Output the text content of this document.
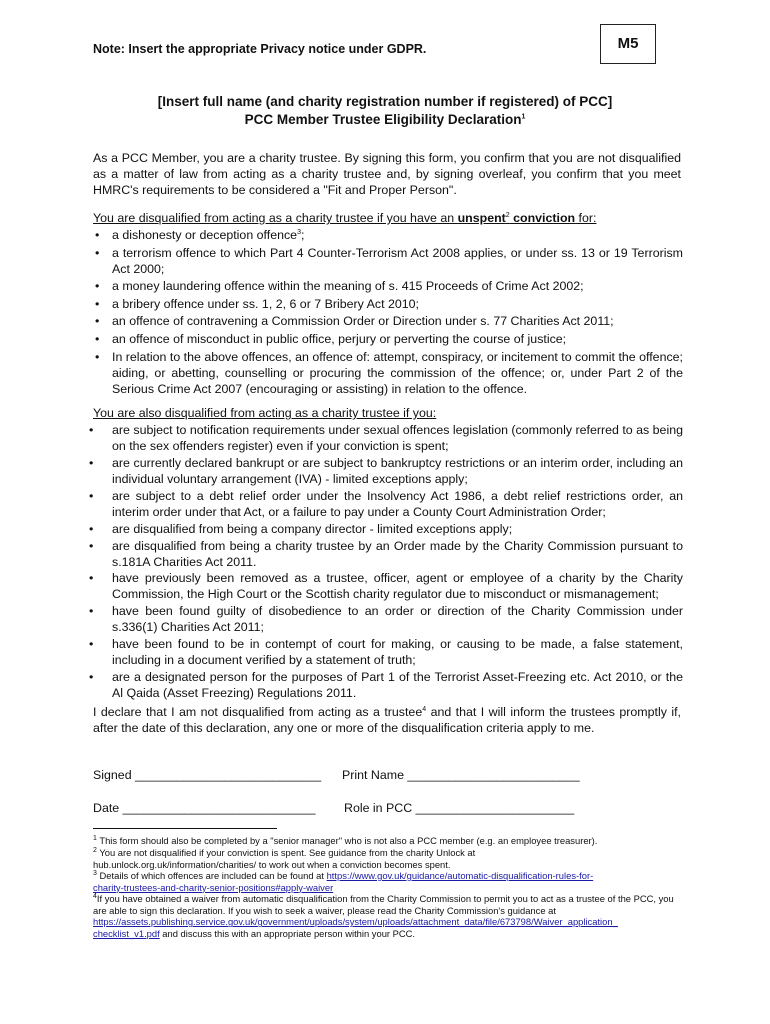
M5
Note: Insert the appropriate Privacy notice under GDPR.
[Insert full name (and charity registration number if registered) of PCC]
PCC Member Trustee Eligibility Declaration$^1$
As a PCC Member, you are a charity trustee. By signing this form, you confirm that you are not disqualified as a matter of law from acting as a charity trustee and, by signing overleaf, you confirm that you meet HMRC's requirements to be considered a "Fit and Proper Person".
You are disqualified from acting as a charity trustee if you have an unspent$^2$ conviction for:
• a dishonesty or deception offence$^3$;
• a terrorism offence to which Part 4 Counter-Terrorism Act 2008 applies, or under ss. 13 or 19 Terrorism Act 2000;
• a money laundering offence within the meaning of s. 415 Proceeds of Crime Act 2002;
• a bribery offence under ss. 1, 2, 6 or 7 Bribery Act 2010;
• an offence of contravening a Commission Order or Direction under s. 77 Charities Act 2011;
• an offence of misconduct in public office, perjury or perverting the course of justice;
• In relation to the above offences, an offence of: attempt, conspiracy, or incitement to commit the offence; aiding, or abetting, counselling or procuring the commission of the offence; or, under Part 2 of the Serious Crime Act 2007 (encouraging or assisting) in relation to the offence.
You are also disqualified from acting as a charity trustee if you:
• are subject to notification requirements under sexual offences legislation (commonly referred to as being on the sex offenders register) even if your conviction is spent;
• are currently declared bankrupt or are subject to bankruptcy restrictions or an interim order, including an individual voluntary arrangement (IVA) - limited exceptions apply;
• are subject to a debt relief order under the Insolvency Act 1986, a debt relief restrictions order, an interim order under that Act, or a failure to pay under a County Court Administration Order;
• are disqualified from being a company director - limited exceptions apply;
• are disqualified from being a charity trustee by an Order made by the Charity Commission pursuant to s.181A Charities Act 2011.
• have previously been removed as a trustee, officer, agent or employee of a charity by the Charity Commission, the High Court or the Scottish charity regulator due to misconduct or mismanagement;
• have been found guilty of disobedience to an order or direction of the Charity Commission under s.336(1) Charities Act 2011;
• have been found to be in contempt of court for making, or causing to be made, a false statement, including in a document verified by a statement of truth;
• are a designated person for the purposes of Part 1 of the Terrorist Asset-Freezing etc. Act 2010, or the Al Qaida (Asset Freezing) Regulations 2011.
I declare that I am not disqualified from acting as a trustee$^4$ and that I will inform the trustees promptly if, after the date of this declaration, any one or more of the disqualification criteria apply to me.
Signed ___________________________ Print Name _________________________
Date ____________________________ Role in PCC _______________________
$^1$ This form should also be completed by a "senior manager" who is not also a PCC member (e.g. an employee treasurer).
$^2$ You are not disqualified if your conviction is spent. See guidance from the charity Unlock at
hub.unlock.org.uk/information/charities/ to work out when a conviction becomes spent.
$^3$ Details of which offences are included can be found at https://www.gov.uk/guidance/automatic-disqualification-rules-for-
charity-trustees-and-charity-senior-positions#apply-waiver
$^4$If you have obtained a waiver from automatic disqualification from the Charity Commission to permit you to act as a trustee of the PCC, you are able to sign this declaration. If you wish to seek a waiver, please read the Charity Commission's guidance at
https://assets.publishing.service.gov.uk/government/uploads/system/uploads/attachment_data/file/673798/Waiver_application_
checklist_v1.pdf and discuss this with an appropriate person within your PCC.
